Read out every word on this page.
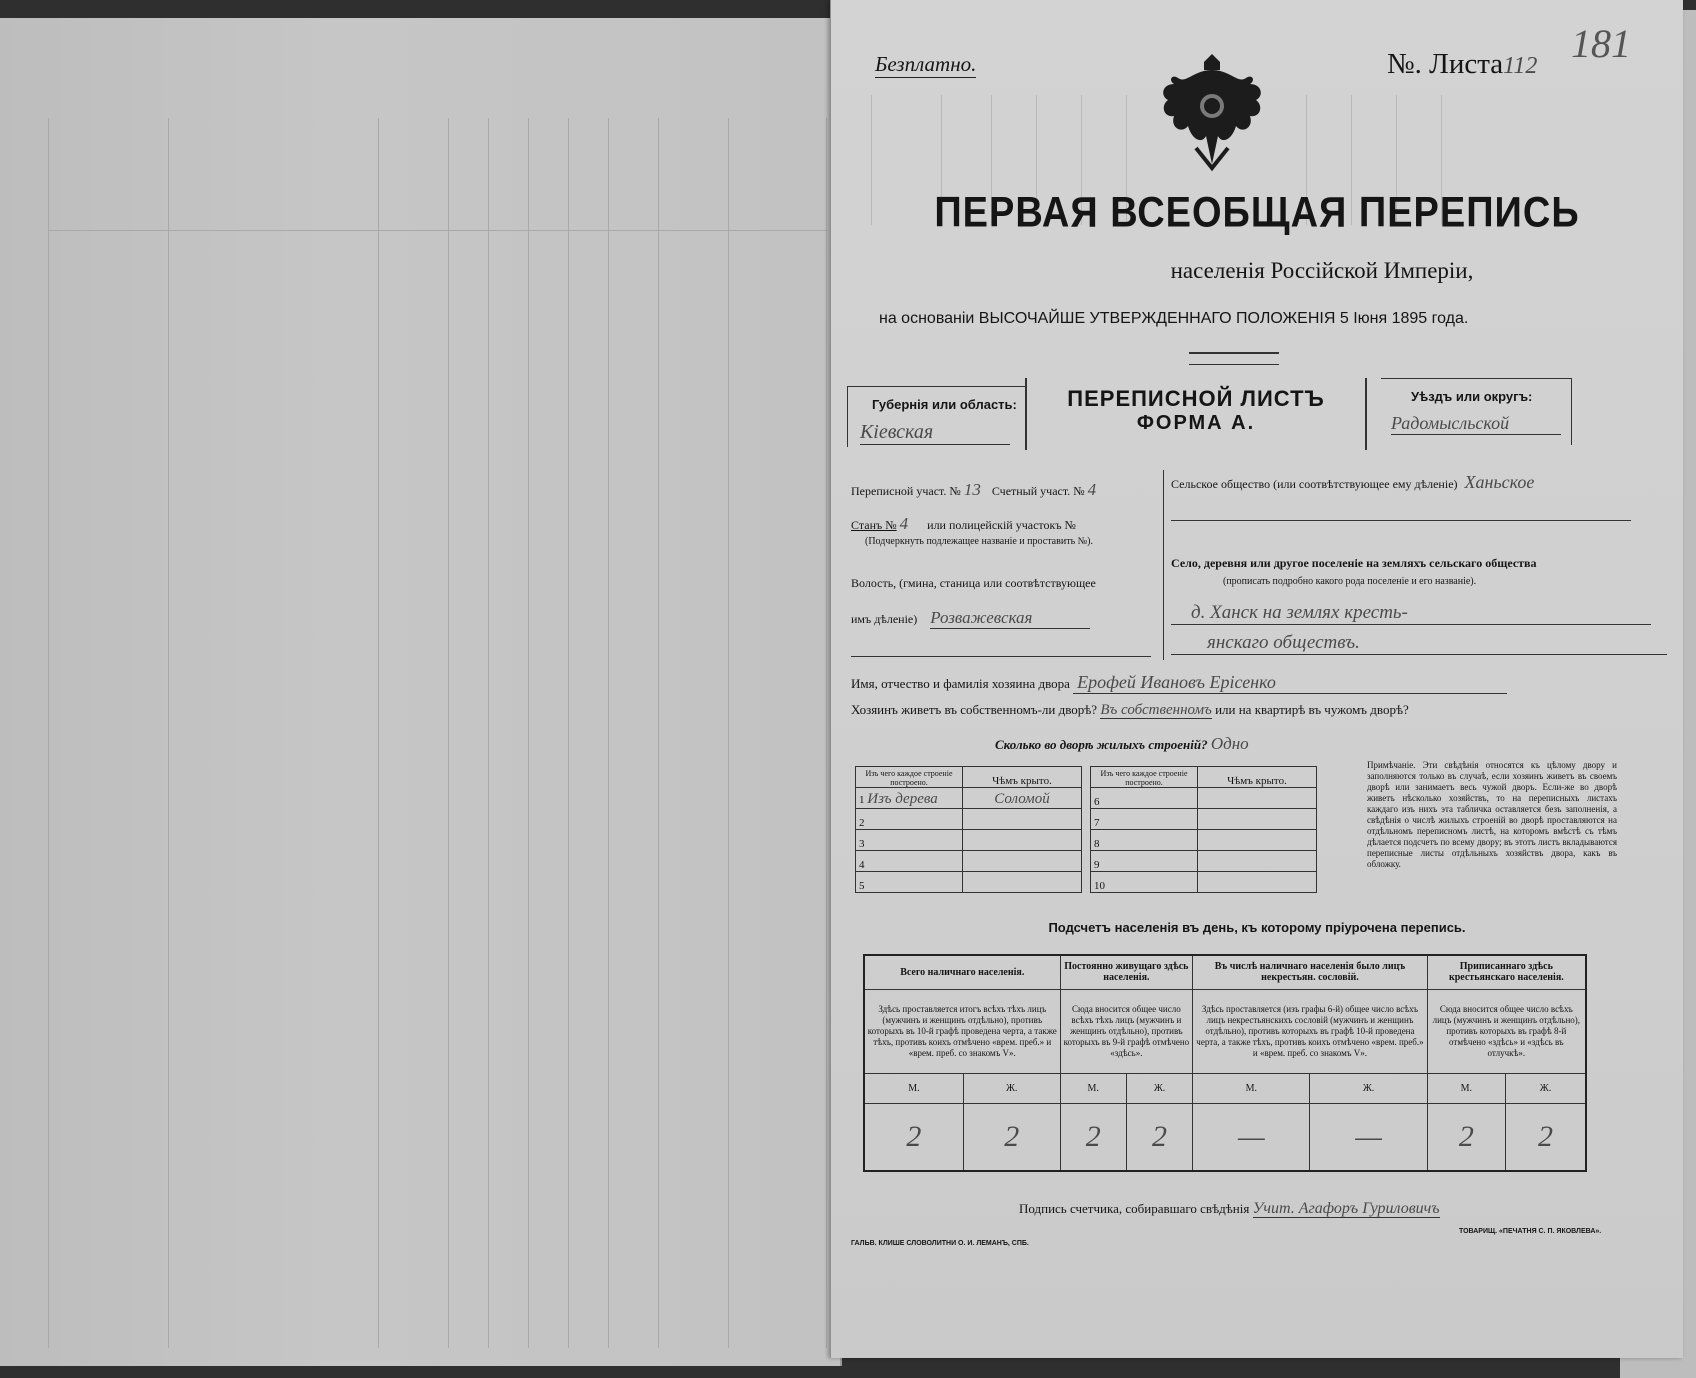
Безплатно.	№. Листа112 181
ПЕРВАЯ ВСЕОБЩАЯ ПЕРЕПИСЬ
населенія Россійской Имперіи,
на основаніи ВЫСОЧАЙШЕ УТВЕРЖДЕННАГО ПОЛОЖЕНІЯ 5 Іюня 1895 года.
Губернія или область:
Кіевская
ПЕРЕПИСНОЙ ЛИСТЪ
ФОРМА А.
Уѣздъ или округъ:
Радомысльской
Переписной участ. № 13 Счетный участ. № 4
Станъ № 4 или полицейскій участокъ №
(Подчеркнуть подлежащее названіе и проставить №).
Волость, (гмина, станица или соотвѣтствующее
имъ дѣленіе) Розважевская
Сельское общество (или соотвѣтствующее ему дѣленіе) Ханьское
Село, деревня или другое поселеніе на земляхъ сельскаго общества
(прописать подробно какого рода поселеніе и его названіе).
д. Ханск на землях кресть-
янскаго обществъ.
Имя, отчество и фамилія хозяина двора Ерофей Ивановъ Ерісенко
Хозяинъ живетъ въ собственномъ-ли дворѣ? Въ собственномъ или на квартирѣ въ чужомъ дворѣ?
Сколько во дворѣ жилыхъ строеній? Одно
Изъ чего каждое строеніе построено.	Чѣмъ крыто.
1 Изъ дерева	Соломой
2	
3	
4	
5	
Изъ чего каждое строеніе построено.	Чѣмъ крыто.
6	
7	
8	
9	
10	
Примѣчаніе. Эти свѣдѣнія относятся къ цѣлому двору и заполняются только въ случаѣ, если хозяинъ живетъ въ своемъ дворѣ или занимаетъ весь чужой дворъ. Если-же во дворѣ живетъ нѣсколько хозяйствъ, то на переписныхъ листахъ каждаго изъ нихъ эта табличка оставляется безъ заполненія, а свѣдѣнія о числѣ жилыхъ строеній во дворѣ проставляются на отдѣльномъ переписномъ листѣ, на которомъ вмѣстѣ съ тѣмъ дѣлается подсчетъ по всему двору; въ этотъ листъ вкладываются переписные листы отдѣльныхъ хозяйствъ двора, какъ въ обложку.
Подсчетъ населенія въ день, къ которому пріурочена перепись.
Всего наличнаго населенія.		Постоянно живущаго здѣсь населенія.		Въ числѣ наличнаго населенія было лицъ некрестьян. сословій.		Приписаннаго здѣсь крестьянскаго населенія.	
Здѣсь проставляется итогъ всѣхъ тѣхъ лицъ (мужчинъ и женщинъ отдѣльно), противъ которыхъ въ 10-й графѣ проведена черта, а также тѣхъ, противъ коихъ отмѣчено «врем. преб.» и «врем. преб. со знакомъ V».		Сюда вносится общее число всѣхъ тѣхъ лицъ (мужчинъ и женщинъ отдѣльно), противъ которыхъ въ 9-й графѣ отмѣчено «здѣсь».		Здѣсь проставляется (изъ графы 6-й) общее число всѣхъ лицъ некрестьянскихъ сословій (мужчинъ и женщинъ отдѣльно), противъ которыхъ въ графѣ 10-й проведена черта, а также тѣхъ, противъ коихъ отмѣчено «врем. преб.» и «врем. преб. со знакомъ V».		Сюда вносится общее число всѣхъ лицъ (мужчинъ и женщинъ отдѣльно), противъ которыхъ въ графѣ 8-й отмѣчено «здѣсь» и «здѣсь въ отлучкѣ».	
М.	Ж.	М.	Ж.	М.	Ж.	М.	Ж.
2	2	2	2	—	—	2	2
Подпись счетчика, собиравшаго свѣдѣнія Учит. Агафоръ Гуриловичъ
ГАЛЬВ. КЛИШЕ СЛОВОЛИТНИ О. И. ЛЕМАНЪ, СПБ.
ТОВАРИЩ. «ПЕЧАТНЯ С. П. ЯКОВЛЕВА».
